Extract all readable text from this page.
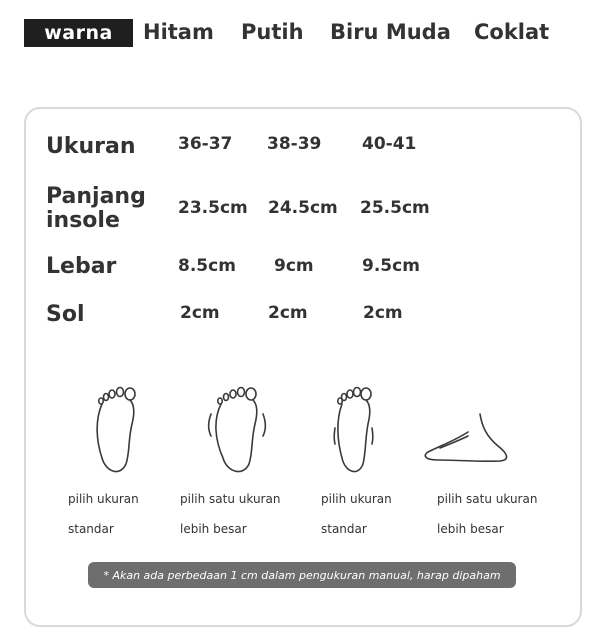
warna	Hitam Putih Biru Muda Coklat
Ukuran 36-37 38-39 40-41
Panjang
insole	23.5cm 24.5cm 25.5cm
Lebar	8.5cm 9cm	9.5cm
Sol	2cm	2cm	2cm
pilih ukuran
standar
pilih satu ukuran
lebih besar
pilih ukuran
standar
pilih satu ukuran
lebih besar
* Akan ada perbedaan 1 cm dalam pengukuran manual, harap dipaham
